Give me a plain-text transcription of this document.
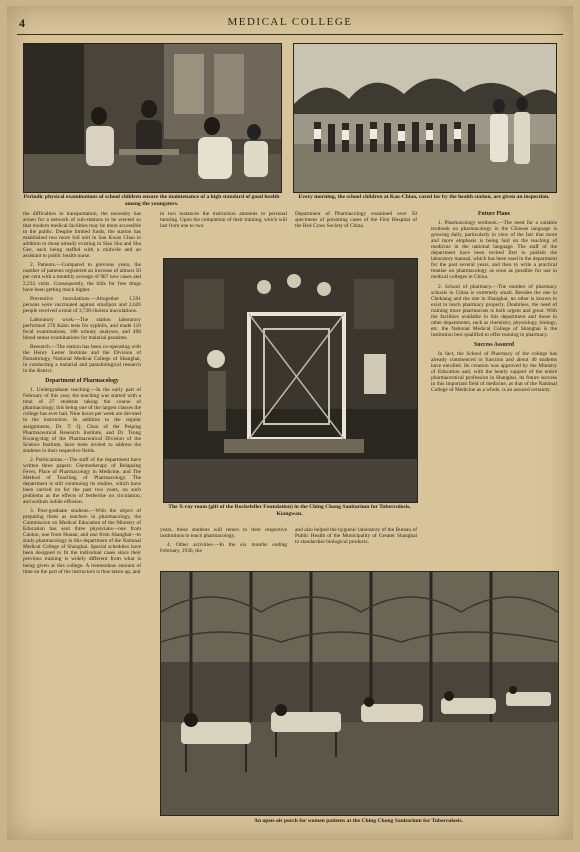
4	MEDICAL COLLEGE
Periodic physical examinations of school children ensure the maintenance of a high standard of good health among the youngsters.
Every morning, the school children at Kao-Chiao, cared for by the health station, are given an inspection.

the difficulties in transportation, the necessity has arisen for a network of sub-stations to be erected so that modern medical facilities may be more accessible to the public. Despite limited funds, the station has established two more full unit in San Kwan Chao in addition to those already existing in Siao Sha and Sha Gee, each being staffed with a midwife and an assistant to public health nurse.

2. Patients.—Compared to previous years, the number of patients registered an increase of almost 50 per cent with a monthly average of 987 new cases and 2,233 visits. Consequently, the bills for free drugs have been getting much higher.

Preventive inoculations.—Altogether 1,501 persons were vaccinated against smallpox and 2,626 people received a total of 3,728 cholera inoculations.

Laboratory work.—The station laboratory performed 270 Kahn tests for syphilis, and made 110 fecal examinations, 188 urinary analyses, and 408 blood smear examinations for malarial parasites.

Research.—The station has been co-operating with the Henry Lester Institute and the Division of Parasitology, National Medical College of Shanghai, in conducting a malarial and parasitological research in the district.

Department of Pharmacology

1. Undergraduate teaching.—In the early part of February of this year, the teaching was started with a total of 27 students taking the course of pharmacology, this being one of the largest classes the college has ever had. Nine hours per week are devoted to the instruction. In addition to the regular assignments, Dr. T. Q. Chou of the Peiping Pharmaceutical Research Institute, and Dr. Tsong Kwang-ting of the Pharmaceutical Division of the Science Institute, have been invited to address the students in their respective fields.

2. Publications.—The staff of the department have written three papers: Chemotherapy of Relapsing Fever, Place of Pharmacology in Medicine, and The Method of Teaching of Pharmacology. The department is still continuing its studies, which have been carried on for the past two years, on such problems as the effects of berberine on circulation, and sodium iodide effusion.

3. Post-graduate students.—With the object of preparing them as teachers in pharmacology, the Commission on Medical Education of the Ministry of Education has sent three physicians—one from Canton, one from Hunan, and one from Shanghai—to study pharmacology in this department of the National Medical College of Shanghai. Special schedules have been designed to fit the individual cases since their previous training is widely different from what is being given at this college. A tremendous amount of time on the part of the instructors is thus taken up, and

in two instances the instruction amounts to personal tutoring. Upon the completion of their training, which will last from one to two

Department of Pharmacology examined over 50 specimens of poisoning cases of the First Hospital of the Red Cross Society of China.

The X-ray room (gift of the Rockefeller Foundation) in the Ching Chong Sanitarium for Tuberculosis, Kiangwan.
Future Plans

1. Pharmacology textbook.—The need for a suitable textbook on pharmacology in the Chinese language is growing daily, particularly in view of the fact that more and more emphasis is being laid on the teaching of medicine in the national language. The staff of the department have been invited first to publish the laboratory manual, which has been used in the department for the past several years, and then to write a practical treatise on pharmacology as soon as possible for use in medical colleges in China.

2. School of pharmacy.—The number of pharmacy schools in China is extremely small. Besides the one in Chekiang and the one in Shanghai, no other is known to exist to teach pharmacy properly. Doubtless, the need of training more pharmacists is both urgent and great. With the facilities available in this department and those in other departments, such as chemistry, physiology, biology, etc. the National Medical College of Shanghai is the institution best qualified to offer training in pharmacy.

Success Assured

In fact, the School of Pharmacy of the college has already commenced to function and about 40 students have enrolled. Its creation was approved by the Ministry of Education and, with the hearty support of the entire pharmaceutical profession in Shanghai, its future success in this important field of medicine, as that of the National College of Medicine as a whole, is an assured certainty.

years, these students will return to their respective institutions to teach pharmacology.

4. Other activities.—In the six months ending February, 1936, the

and also helped the hygienic laboratory of the Bureau of Public Health of the Municipality of Greater Shanghai to standardise biological products.

An open-air porch for women patients at the Ching Chong Sanitarium for Tuberculosis.
